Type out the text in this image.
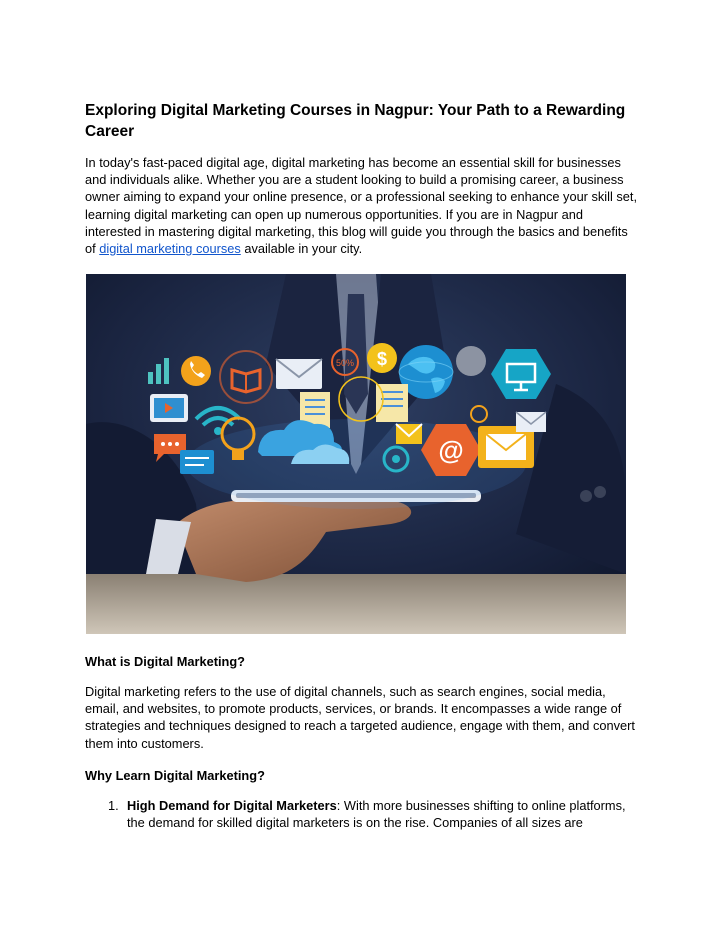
Exploring Digital Marketing Courses in Nagpur: Your Path to a Rewarding Career
In today's fast-paced digital age, digital marketing has become an essential skill for businesses and individuals alike. Whether you are a student looking to build a promising career, a business owner aiming to expand your online presence, or a professional seeking to enhance your skill set, learning digital marketing can open up numerous opportunities. If you are in Nagpur and interested in mastering digital marketing, this blog will guide you through the basics and benefits of digital marketing courses available in your city.
50% $
@
What is Digital Marketing?
Digital marketing refers to the use of digital channels, such as search engines, social media, email, and websites, to promote products, services, or brands. It encompasses a wide range of strategies and techniques designed to reach a targeted audience, engage with them, and convert them into customers.
Why Learn Digital Marketing?
1. High Demand for Digital Marketers: With more businesses shifting to online platforms, the demand for skilled digital marketers is on the rise. Companies of all sizes are
